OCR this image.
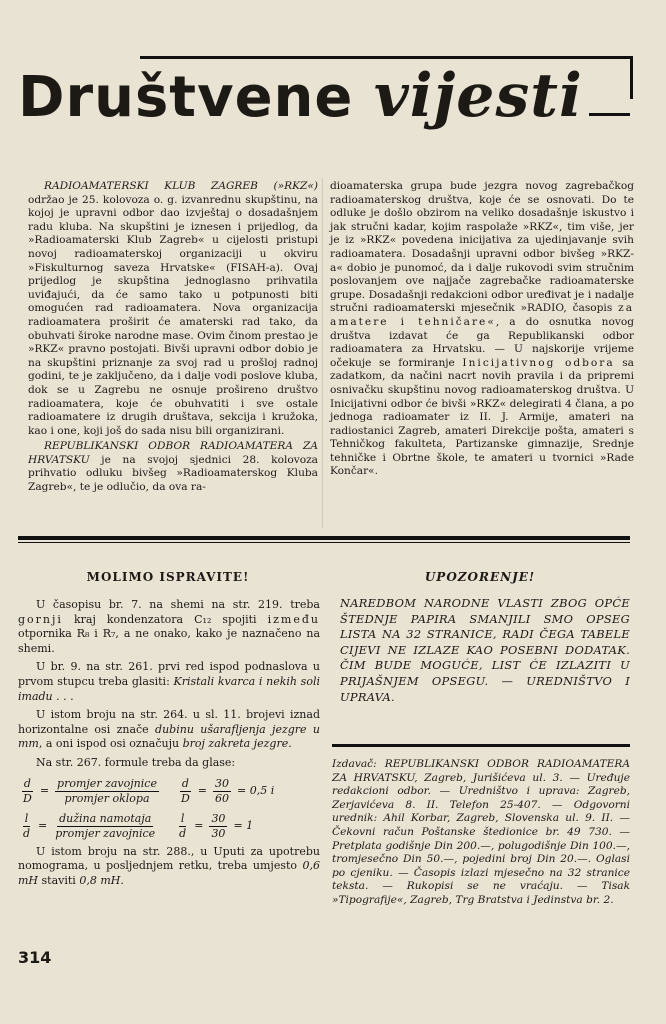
Društvene vijesti

RADIOAMATERSKI KLUB ZAGREB (»RKZ«) održao je 25. kolovoza o. g. izvanrednu skupštinu, na kojoj je upravni odbor dao izvještaj o dosadašnjem radu kluba. Na skupštini je iznesen i prijedlog, da »Radioamaterski Klub Zagreb« u cijelosti pristupi novoj radioamaterskoj organizaciji u okviru »Fiskulturnog saveza Hrvatske« (FISAH-a). Ovaj prijedlog je skupština jednoglasno prihvatila uviđajući, da će samo tako u potpunosti biti omogućen rad radioamatera. Nova organizacija radioamatera proširit će amaterski rad tako, da obuhvati široke narodne mase. Ovim činom prestao je »RKZ« pravno postojati. Bivši upravni odbor dobio je na skupštini priznanje za svoj rad u prošloj radnoj godini, te je zaključeno, da i dalje vodi poslove kluba, dok se u Zagrebu ne osnuje prošireno društvo radioamatera, koje će obuhvatiti i sve ostale radioamatere iz drugih društava, sekcija i kružoka, kao i one, koji još do sada nisu bili organizirani.

REPUBLIKANSKI ODBOR RADIOAMATERA ZA HRVATSKU je na svojoj sjednici 28. kolovoza prihvatio odluku bivšeg »Radioamaterskog Kluba Zagreb«, te je odlučio, da ova ra-

dioamaterska grupa bude jezgra novog zagrebačkog radioamaterskog društva, koje će se osnovati. Do te odluke je došlo obzirom na veliko dosadašnje iskustvo i jak stručni kadar, kojim raspolaže »RKZ«, tim više, jer je iz »RKZ« povedena inicijativa za ujedinjavanje svih radioamatera. Dosadašnji upravni odbor bivšeg »RKZ-a« dobio je punomoć, da i dalje rukovodi svim stručnim poslovanjem ove najjače zagrebačke radioamaterske grupe. Dosadašnji redakcioni odbor uređivat je i nadalje stručni radioamaterski mjesečnik »RADIO, časopis za amatere i tehničare«, a do osnutka novog društva izdavat će ga Republikanski odbor radioamatera za Hrvatsku. — U najskorije vrijeme očekuje se formiranje Inicijativnog odbora sa zadatkom, da načini nacrt novih pravila i da pripremi osnivačku skupštinu novog radioamaterskog društva. U Inicijativni odbor će bivši »RKZ« delegirati 4 člana, a po jednoga radioamater iz II. J. Armije, amateri na radiostanici Zagreb, amateri Direkcije pošta, amateri s Tehničkog fakulteta, Partizanske gimnazije, Srednje tehničke i Obrtne škole, te amateri u tvornici »Rade Končar«.

MOLIMO ISPRAVITE!

U časopisu br. 7. na shemi na str. 219. treba gornji kraj kondenzatora C₁₂ spojiti između otpornika R₈ i R₇, a ne onako, kako je naznačeno na shemi.

U br. 9. na str. 261. prvi red ispod podnaslova u prvom stupcu treba glasiti: Kristali kvarca i nekih soli imadu . . .

U istom broju na str. 264. u sl. 11. brojevi iznad horizontalne osi znače dubinu ušarafljenja jezgre u mm, a oni ispod osi označuju broj zakreta jezgre.

Na str. 267. formule treba da glase:

$\frac{d}{D} = \frac{\text{promjer zavojnice}}{\text{promjer oklopa}} \frac{d}{D} = \frac{30}{60} = 0,5$ i
$\frac{l}{d} = \frac{\text{dužina namotaja}}{\text{promjer zavojnice}} \frac{l}{d} = \frac{30}{30} = 1$

U istom broju na str. 288., u Uputi za upotrebu nomograma, u posljednjem retku, treba umjesto 0,6 mH staviti 0,8 mH.

UPOZORENJE!
NAREDBOM NARODNE VLASTI ZBOG OPĆE ŠTEDNJE PAPIRA SMANJILI SMO OPSEG LISTA NA 32 STRANICE, RADI ČEGA TABELE CIJEVI NE IZLAZE KAO POSEBNI DODATAK. ČIM BUDE MOGUĆE, LIST ĆE IZLAZITI U PRIJAŠNJEM OPSEGU. — UREDNIŠTVO I UPRAVA.
Izdavač: REPUBLIKANSKI ODBOR RADIOAMATERA ZA HRVATSKU, Zagreb, Jurišićeva ul. 3. — Uređuje redakcioni odbor. — Uredništvo i uprava: Zagreb, Zerjavićeva 8. II. Telefon 25-407. — Odgovorni urednik: Ahil Korbar, Zagreb, Slovenska ul. 9. II. — Čekovni račun Poštanske štedionice br. 49 730. — Pretplata godišnje Din 200.—, polugodišnje Din 100.—, tromjesečno Din 50.—, pojedini broj Din 20.—. Oglasi po cjeniku. — Časopis izlazi mjesečno na 32 stranice teksta. — Rukopisi se ne vraćaju. — Tisak »Tipografije«, Zagreb, Trg Bratstva i Jedinstva br. 2.
314
